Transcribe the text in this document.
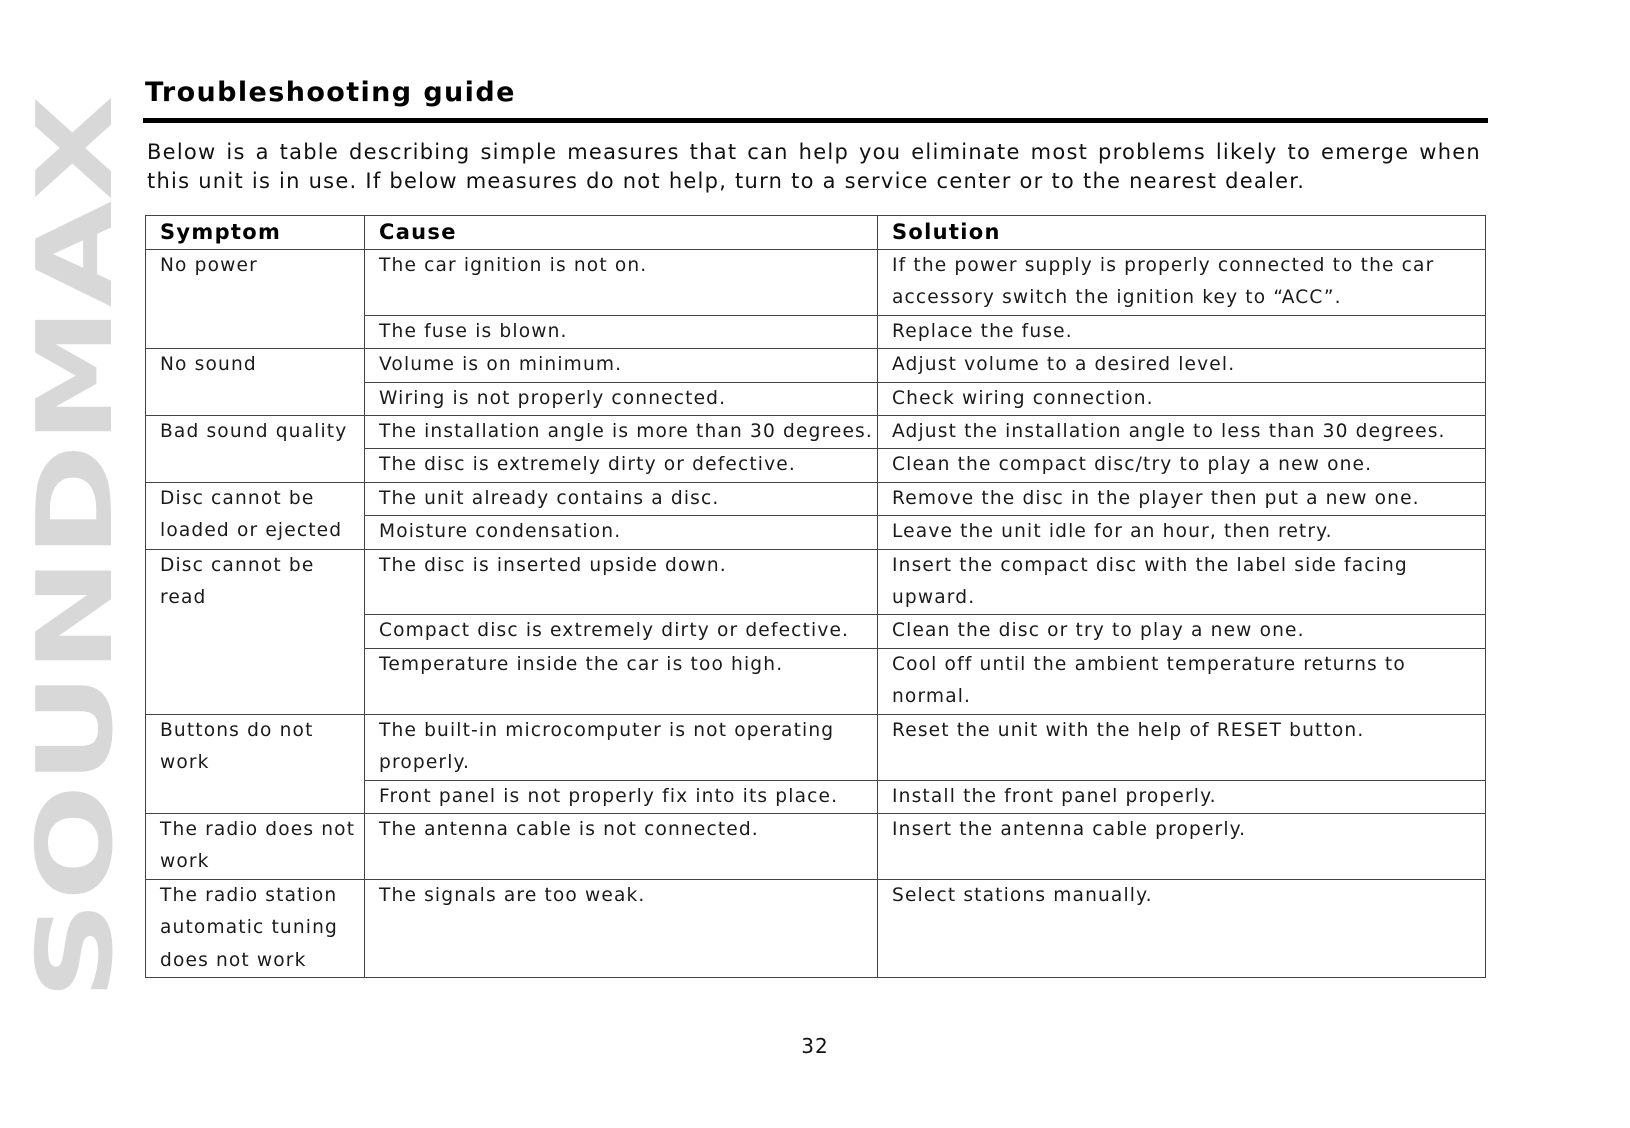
SOUNDMAX
Troubleshooting guide

Below is a table describing simple measures that can help you eliminate most problems likely to emerge when this unit is in use. If below measures do not help, turn to a service center or to the nearest dealer.

Symptom	Cause	Solution
No power	The car ignition is not on.	If the power supply is properly connected to the car accessory switch the ignition key to “ACC”.
	The fuse is blown.	Replace the fuse.
No sound	Volume is on minimum.	Adjust volume to a desired level.
	Wiring is not properly connected.	Check wiring connection.
Bad sound quality	The installation angle is more than 30 degrees.	Adjust the installation angle to less than 30 degrees.
	The disc is extremely dirty or defective.	Clean the compact disc/try to play a new one.
Disc cannot be loaded or ejected	The unit already contains a disc.	Remove the disc in the player then put a new one.
	Moisture condensation.	Leave the unit idle for an hour, then retry.
Disc cannot be read	The disc is inserted upside down.	Insert the compact disc with the label side facing upward.
	Compact disc is extremely dirty or defective.	Clean the disc or try to play a new one.
	Temperature inside the car is too high.	Cool off until the ambient temperature returns to normal.
Buttons do not work	The built-in microcomputer is not operating properly.	Reset the unit with the help of RESET button.
	Front panel is not properly fix into its place.	Install the front panel properly.
The radio does not work	The antenna cable is not connected.	Insert the antenna cable properly.
The radio station automatic tuning does not work	The signals are too weak.	Select stations manually.
32
